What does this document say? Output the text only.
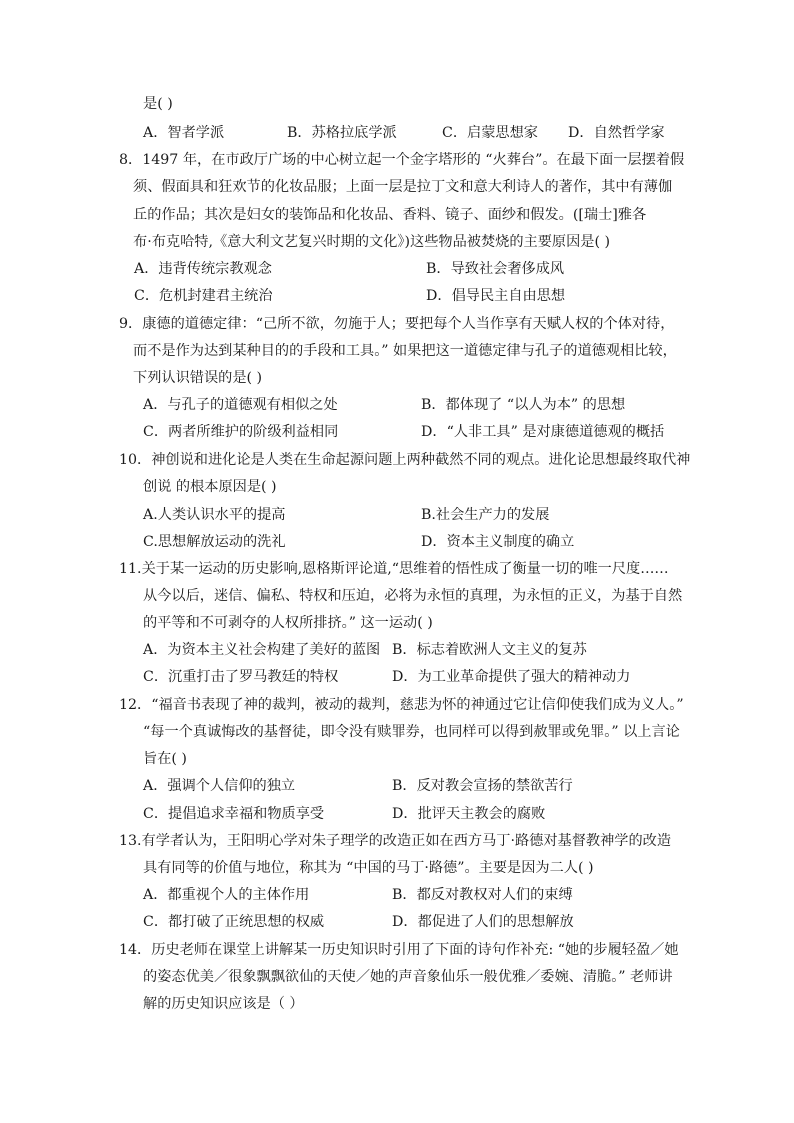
是( )
A．智者学派	B．苏格拉底学派	C．启蒙思想家 D．自然哲学家
8．1497 年，在市政厅广场的中心树立起一个金字塔形的 “火葬台”。在最下面一层摆着假
须、假面具和狂欢节的化妆品服；上面一层是拉丁文和意大利诗人的著作，其中有薄伽
丘的作品；其次是妇女的装饰品和化妆品、香料、镜子、面纱和假发。([瑞士]雅各
布·布克哈特,《意大利文艺复兴时期的文化》)这些物品被焚烧的主要原因是( )
A．违背传统宗教观念	B．导致社会奢侈成风
C．危机封建君主统治	D．倡导民主自由思想
9．康德的道德定律：“己所不欲，勿施于人；要把每个人当作享有天赋人权的个体对待，
而不是作为达到某种目的的手段和工具。” 如果把这一道德定律与孔子的道德观相比较，
下列认识错误的是( )
A．与孔子的道德观有相似之处	B．都体现了 “以人为本” 的思想
C．两者所维护的阶级利益相同	D．“人非工具” 是对康德道德观的概括
10．神创说和进化论是人类在生命起源问题上两种截然不同的观点。进化论思想最终取代神
创说 的根本原因是( )
A.人类认识水平的提高	B.社会生产力的发展
C.思想解放运动的洗礼	D．资本主义制度的确立
11.关于某一运动的历史影响,恩格斯评论道,“思维着的悟性成了衡量一切的唯一尺度……
从今以后，迷信、偏私、特权和压迫，必将为永恒的真理，为永恒的正义，为基于自然
的平等和不可剥夺的人权所排挤。” 这一运动( )
A．为资本主义社会构建了美好的蓝图 B．标志着欧洲人文主义的复苏
C．沉重打击了罗马教廷的特权	D．为工业革命提供了强大的精神动力
12．“福音书表现了神的裁判，被动的裁判，慈悲为怀的神通过它让信仰使我们成为义人。”
“每一个真诚悔改的基督徒，即令没有赎罪券，也同样可以得到赦罪或免罪。” 以上言论
旨在( )
A．强调个人信仰的独立	B．反对教会宣扬的禁欲苦行
C．提倡追求幸福和物质享受	D．批评天主教会的腐败
13.有学者认为，王阳明心学对朱子理学的改造正如在西方马丁·路德对基督教神学的改造
具有同等的价值与地位，称其为 “中国的马丁·路德”。主要是因为二人( )
A．都重视个人的主体作用	B．都反对教权对人们的束缚
C．都打破了正统思想的权威	D．都促进了人们的思想解放
14．历史老师在课堂上讲解某一历史知识时引用了下面的诗句作补充: “她的步履轻盈／她
的姿态优美／很象飘飘欲仙的天使／她的声音象仙乐一般优雅／委婉、清脆。” 老师讲
解的历史知识应该是（ ）
